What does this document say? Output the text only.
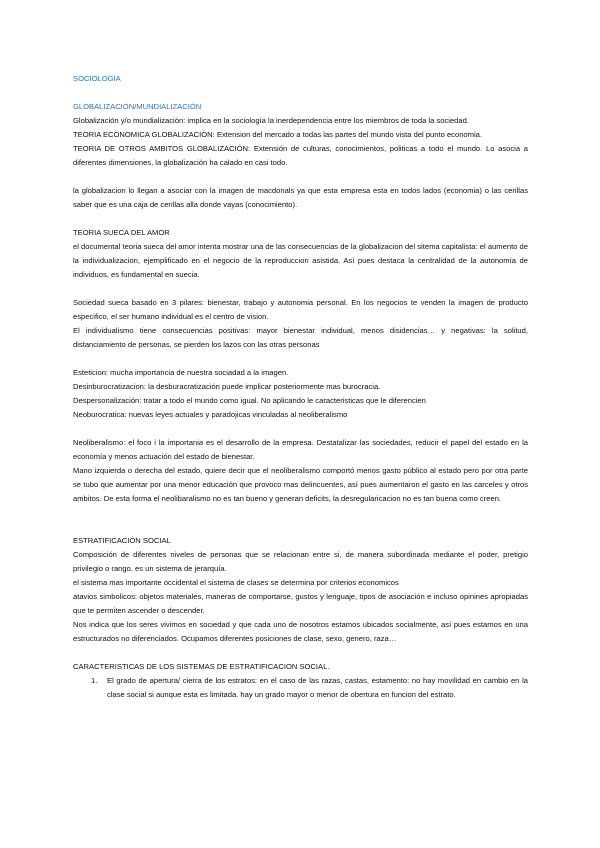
SOCIOLOGIA

GLOBALIZACIÓN/MUNDIALIZACIÓN

Globalización y/o mundialización: implica en la sociología la inerdependencia entre los miembros de toda la sociedad.

TEORIA ECONOMICA GLOBALIZACIÓN: Extension del mercado a todas las partes del mundo vista del punto economia.

TEORIA DE OTROS AMBITOS GLOBALIZACIÓN: Extensión de culturas, conocimientos, politicas a todo el mundo. Lo asocia a diferentes dimensiones, la globalización ha calado en casi todo.

la globalizacion lo llegan a asociar con la imagen de macdonals ya que esta empresa esta en todos lados (economia) o las cerillas saber que es una caja de cerillas alla donde vayas (conocimiento).

TEORIA SUECA DEL AMOR

el documental teoria sueca del amor intenta mostrar una de las consecuencias de la globalizacion del sitema capitalista: el aumento de la individualizacion, ejemplificado en el negocio de la reproduccion asistida. Así pues destaca la centralidad de la autonomía de individuos, es fundamental en suecia.

Sociedad sueca basado en 3 pilares: bienestar, trabajo y autonomia personal. En los negocios te venden la imagen de producto especifico, el ser humano individual es el centro de vision.

El individualismo tiene consecuencias positivas: mayor bienestar individual, menos disidencias… y negativas: la solitud, distanciamiento de personas, se pierden los lazos con las otras personas

Esteticion: mucha importancia de nuestra sociadad a la imagen.

Desinburocratizacion: la desburacratización puede implicar posteriormente mas burocracia.

Despersonalización: tratar a todo el mundo como igual. No aplicando le caracteristicas que le diferencien

Neoburocratica: nuevas leyes actuales y paradojicas vinculadas al neoliberalismo

Neoliberalismo: el foco i la importania es el desarrollo de la empresa. Destatalizar las sociedades, reducir el papel del estado en la economía y menos actuación del estado de bienestar.

Mano izquierda o derecha del estado, quiere decir que el neoliberalismo comportó menos gasto público al estado pero por otra parte se tubo que aumentar por una menor educación que provoco mas delincuentes, así pues aumentaron el gasto en las carceles y otros ambitos. De esta forma el neolibaralismo no es tan bueno y generan deficits, la desregularicacion no es tan buena como creen.

ESTRATIFICACIÓN SOCIAL

Composición de diferentes niveles de personas que se relacionan entre si, de manera subordinada mediante el poder, pretigio privilegio o rango. es un sistema de jerarquía.

el sistema mas importante occidental el sistema de clases se determina por criterios economicos

atavios simbolicos: objetos materiales, maneras de comportarse, gustos y lenguaje, tipos de asociación e incluso opinines apropiadas que te permiten ascender o descender.

Nos indica que los seres vivimos en sociedad y que cada uno de nosotros estamos ubicados socialmente, así pues estamos en una estructurados no diferenciados. Ocupamos diferentes posiciones de clase, sexo, genero, raza…

CARACTERISTICAS DE LOS SISTEMAS DE ESTRATIFICACION SOCIAL.

1. El grado de apertura/ cierra de los estratos: en el caso de las razas, castas, estamento: no hay movilidad en cambio en la clase social si aunque esta es limitada. hay un grado mayor o menor de obertura en funcion del estrato.
